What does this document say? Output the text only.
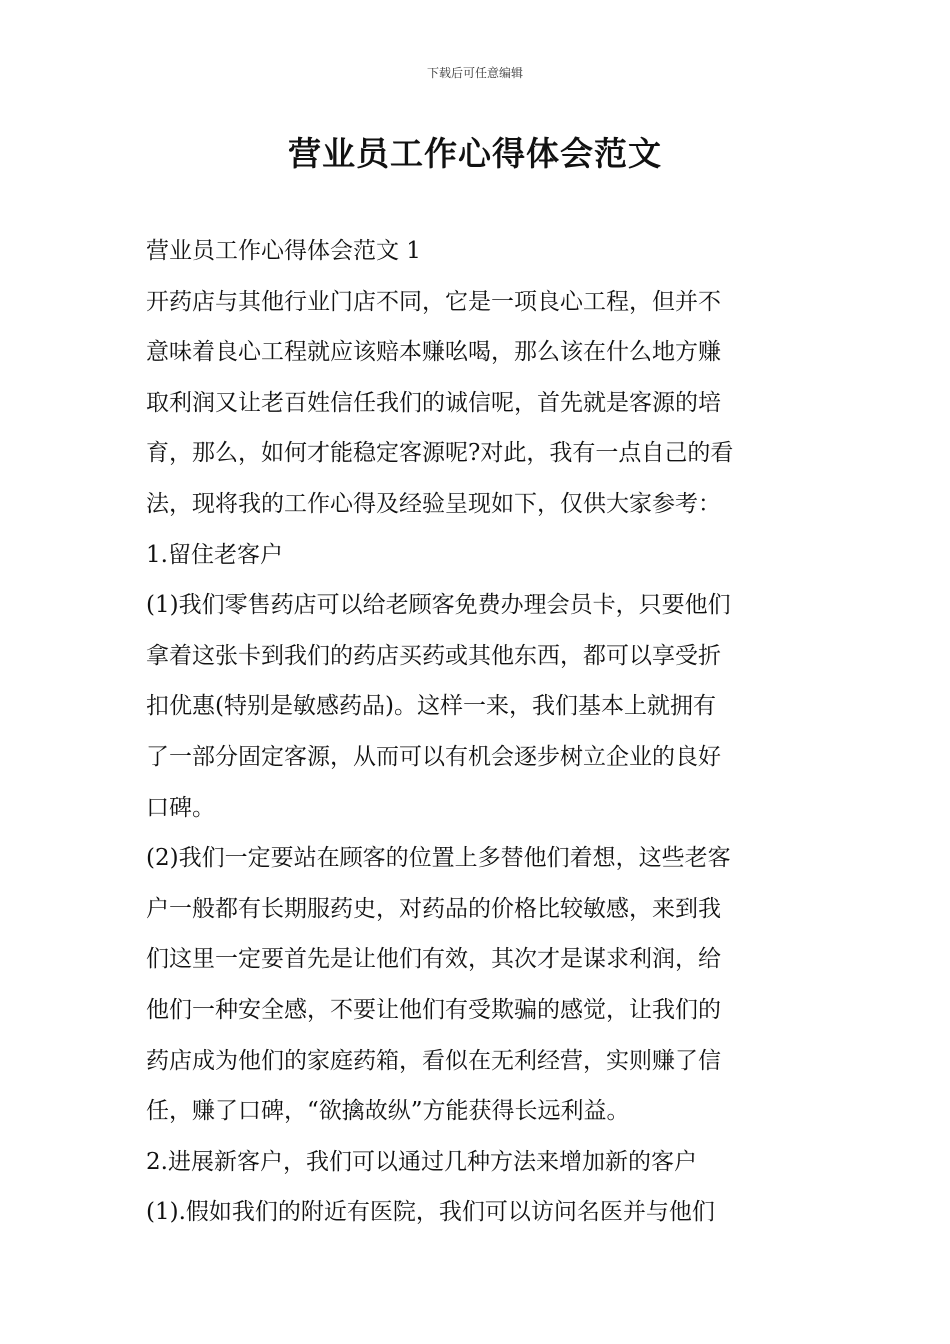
下载后可任意编辑
营业员工作心得体会范文
营业员工作心得体会范文 1
开药店与其他行业门店不同，它是一项良心工程，但并不
意味着良心工程就应该赔本赚吆喝，那么该在什么地方赚
取利润又让老百姓信任我们的诚信呢，首先就是客源的培
育，那么，如何才能稳定客源呢?对此，我有一点自己的看
法，现将我的工作心得及经验呈现如下，仅供大家参考：
1.留住老客户
(1)我们零售药店可以给老顾客免费办理会员卡，只要他们
拿着这张卡到我们的药店买药或其他东西，都可以享受折
扣优惠(特别是敏感药品)。这样一来，我们基本上就拥有
了一部分固定客源，从而可以有机会逐步树立企业的良好
口碑。
(2)我们一定要站在顾客的位置上多替他们着想，这些老客
户一般都有长期服药史，对药品的价格比较敏感，来到我
们这里一定要首先是让他们有效，其次才是谋求利润，给
他们一种安全感，不要让他们有受欺骗的感觉，让我们的
药店成为他们的家庭药箱，看似在无利经营，实则赚了信
任，赚了口碑，“欲擒故纵”方能获得长远利益。
2.进展新客户，我们可以通过几种方法来增加新的客户
(1).假如我们的附近有医院，我们可以访问名医并与他们
